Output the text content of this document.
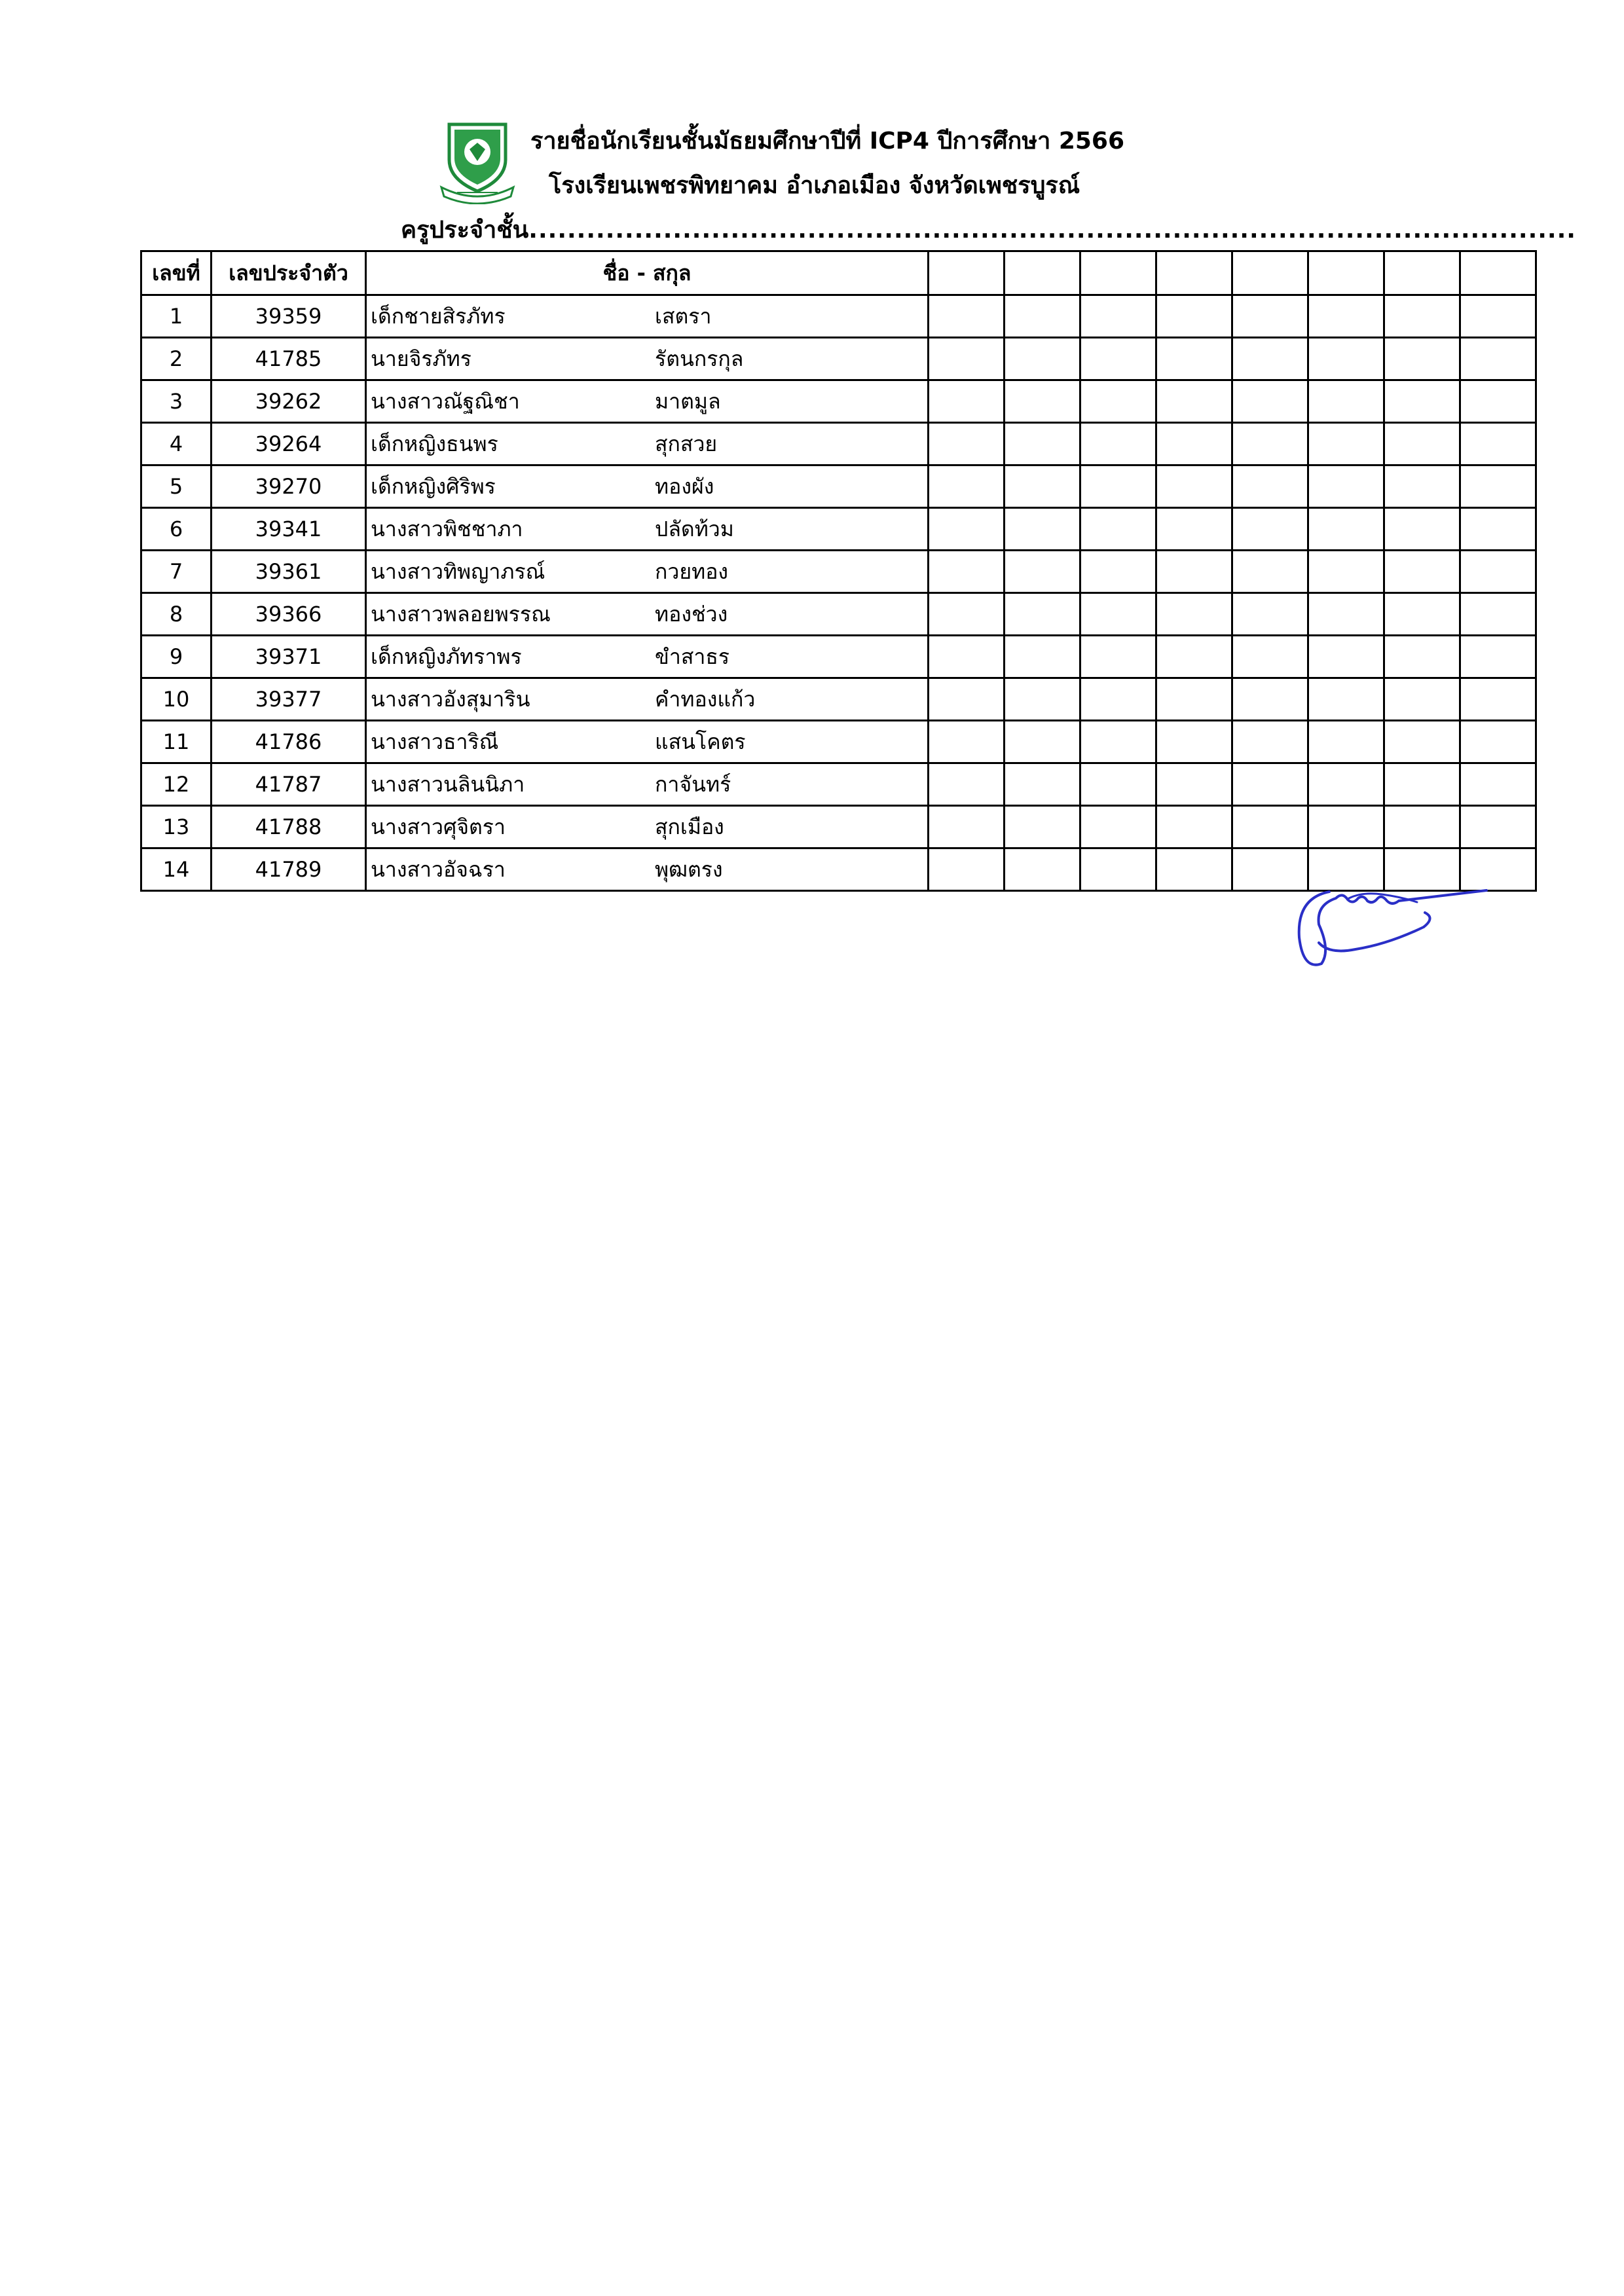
รายชื่อนักเรียนชั้นมัธยมศึกษาปีที่ ICP4 ปีการศึกษา 2566
โรงเรียนเพชรพิทยาคม อำเภอเมือง จังหวัดเพชรบูรณ์
ครูประจำชั้น.............................................................................................................
เลขที่	เลขประจำตัว	ชื่อ - สกุล								
1	39359	เด็กชายสิรภัทร เสตรา								

2	41785	นายจิรภัทร รัตนกรกุล								

3	39262	นางสาวณัฐณิชา มาตมูล								

4	39264	เด็กหญิงธนพร สุกสวย								

5	39270	เด็กหญิงศิริพร ทองผัง								

6	39341	นางสาวพิชชาภา ปลัดท้วม								

7	39361	นางสาวทิพญาภรณ์ กวยทอง								

8	39366	นางสาวพลอยพรรณ ทองช่วง								

9	39371	เด็กหญิงภัทราพร ขำสาธร								

10	39377	นางสาวอังสุมาริน คำทองแก้ว								

11	41786	นางสาวธาริณี แสนโคตร								

12	41787	นางสาวนลินนิภา กาจันทร์								

13	41788	นางสาวศุจิตรา สุกเมือง								

14	41789	นางสาวอัจฉรา พุฒตรง								
